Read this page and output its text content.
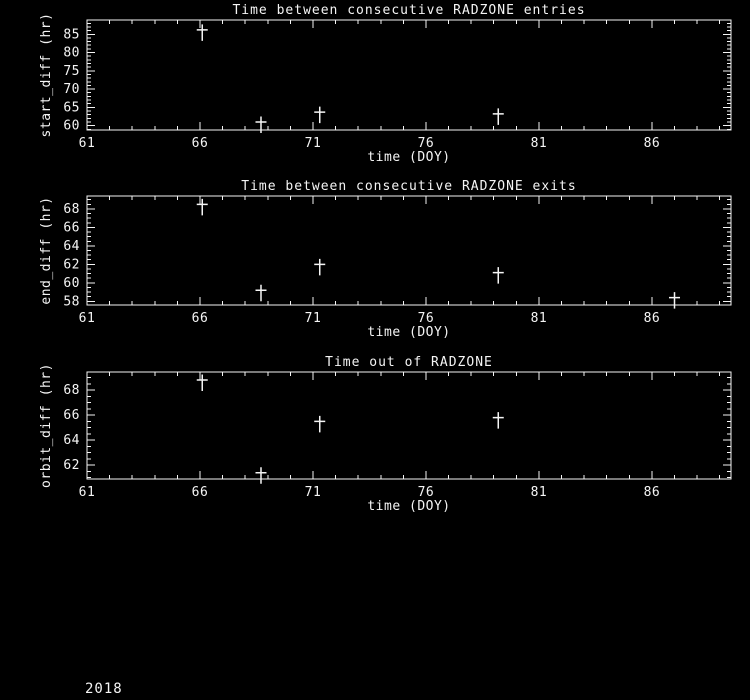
61	66	71	76	81	86
60
65
70
75
80
85
Time between consecutive RADZONE entries
time (DOY)
start_diff (hr)
61	66	71	76	81	86
58
60
62
64
66
68
Time between consecutive RADZONE exits
time (DOY)
end_diff (hr)
61	66	71	76	81	86
62
64
66
68
Time out of RADZONE
time (DOY)
orbit_diff (hr)
2018
